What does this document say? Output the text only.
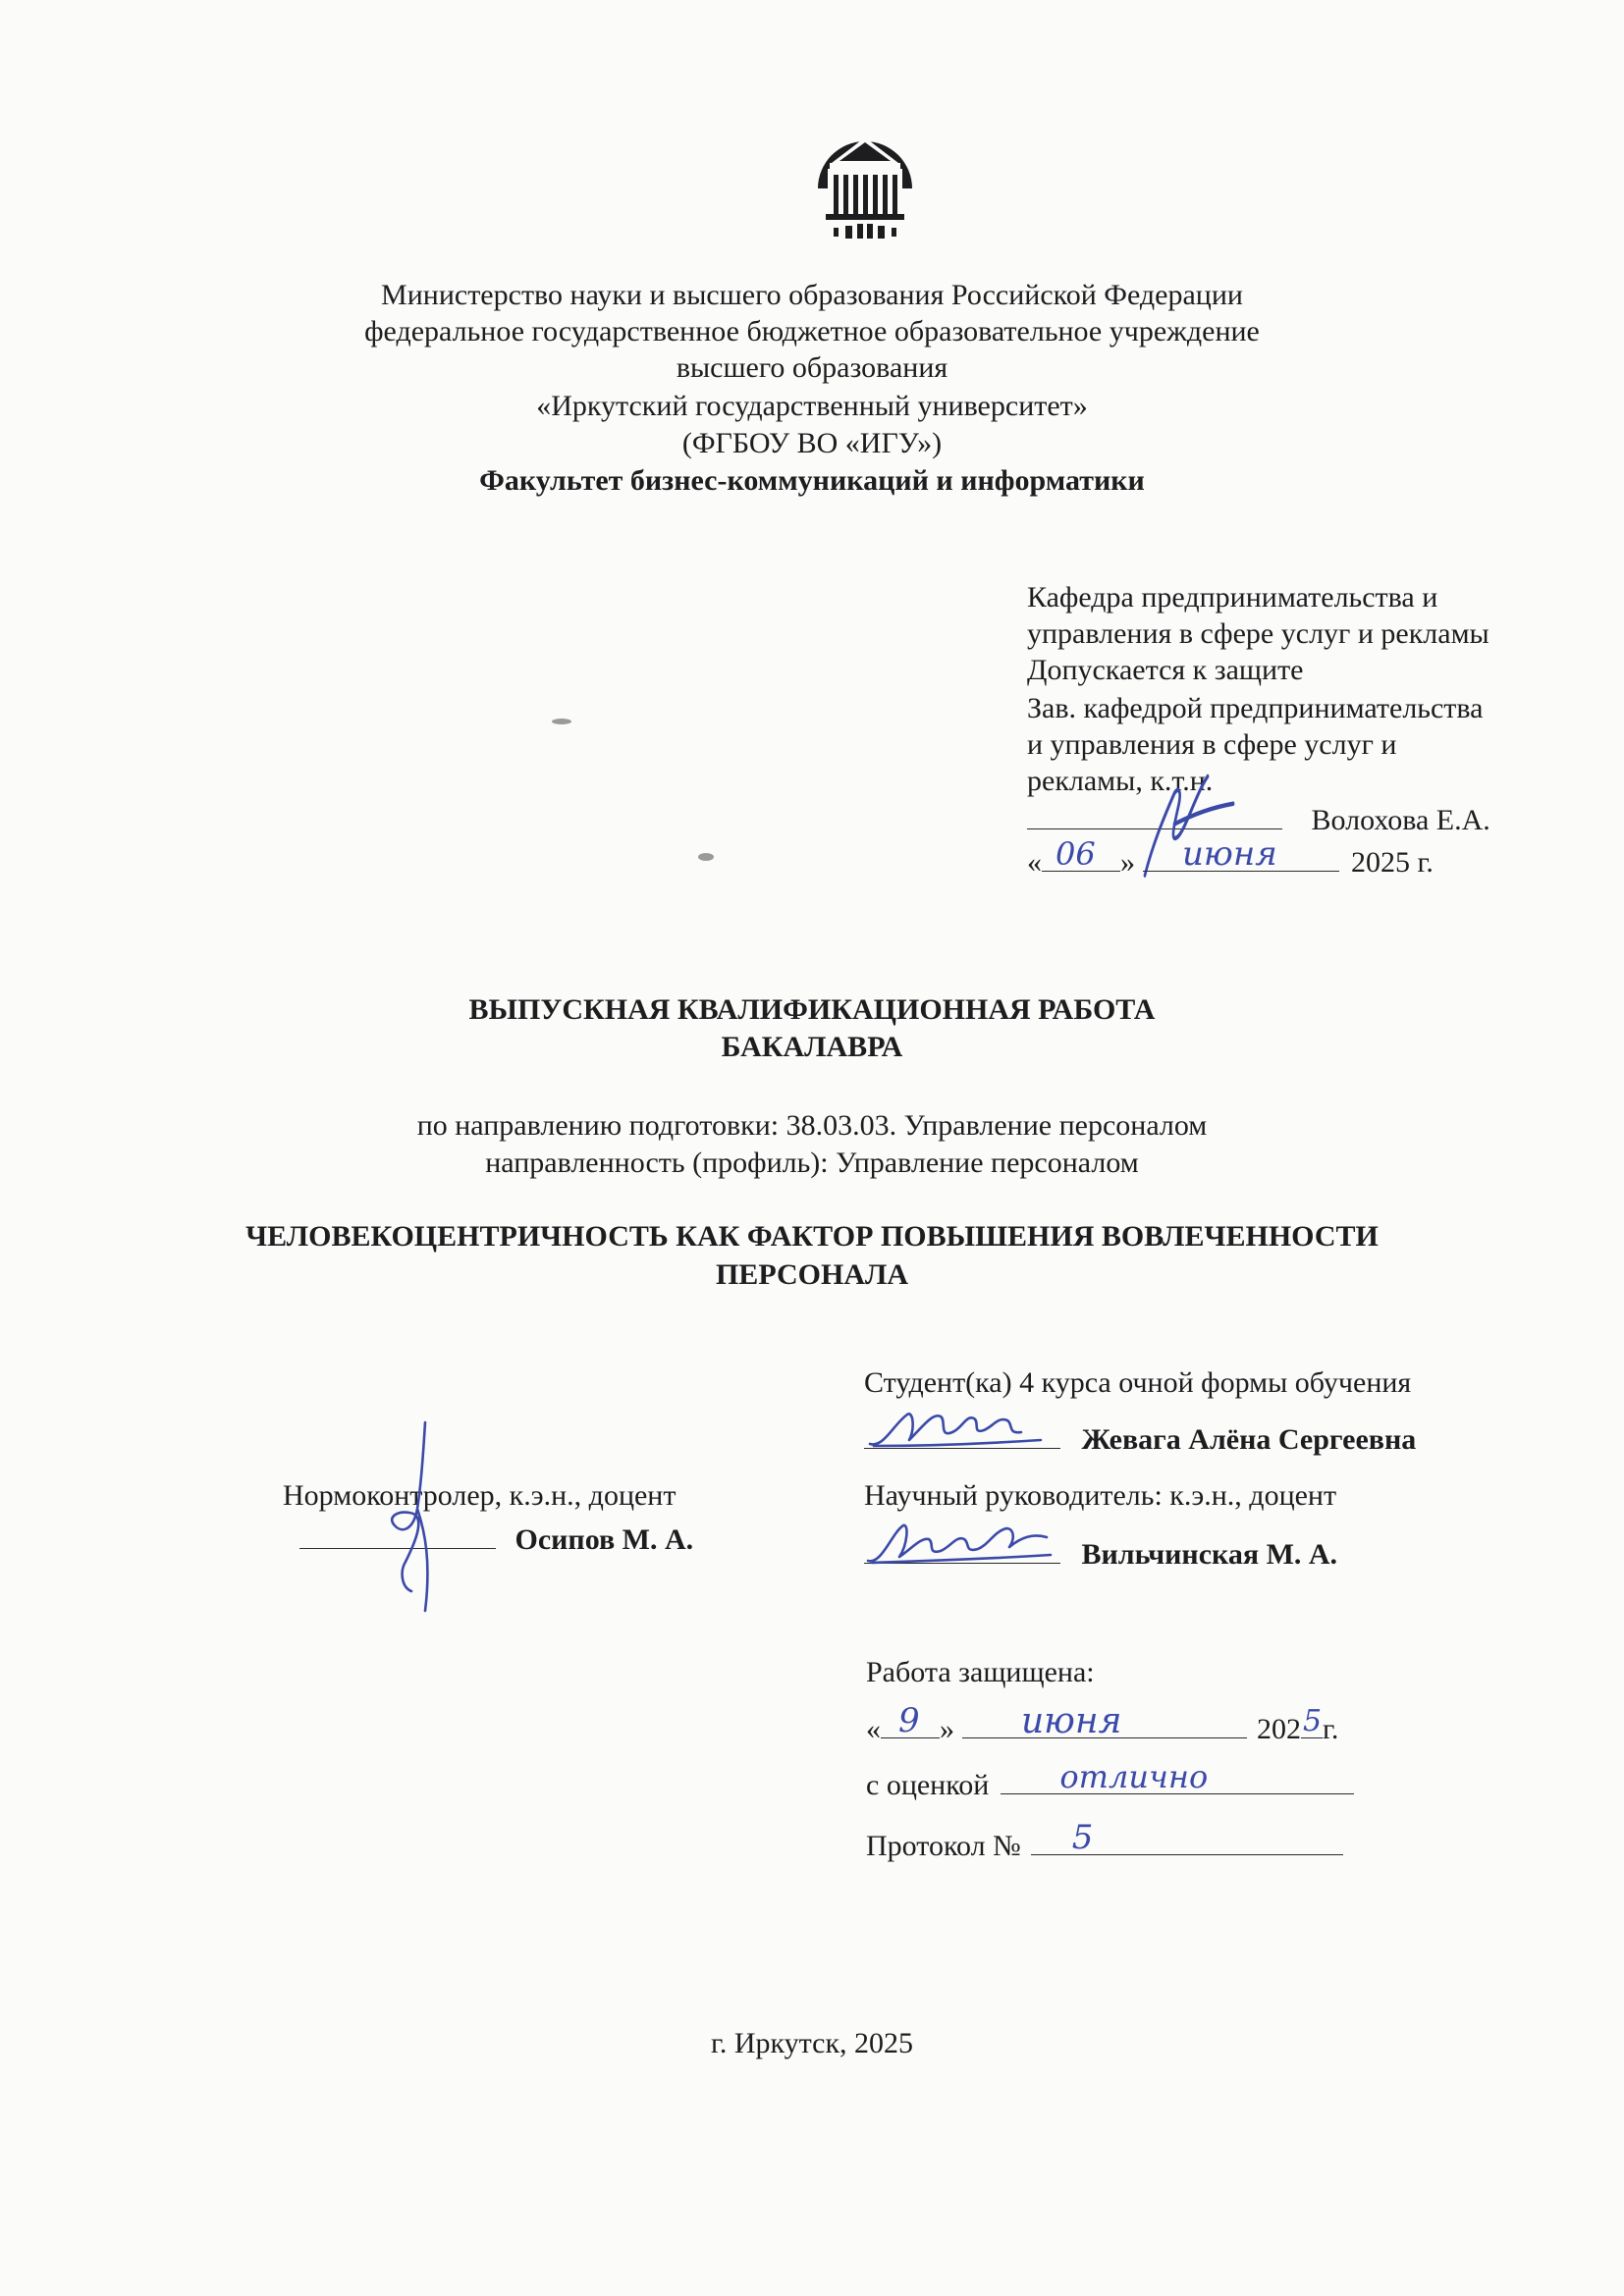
Министерство науки и высшего образования Российской Федерации
федеральное государственное бюджетное образовательное учреждение
высшего образования
«Иркутский государственный университет»
(ФГБОУ ВО «ИГУ»)
Факультет бизнес-коммуникаций и информатики
Кафедра предпринимательства и
управления в сфере услуг и рекламы
Допускается к защите
Зав. кафедрой предпринимательства
и управления в сфере услуг и
рекламы, к.т.н.
Волохова Е.А.
« 06 » июня	2025 г.
ВЫПУСКНАЯ КВАЛИФИКАЦИОННАЯ РАБОТА
БАКАЛАВРА
по направлению подготовки: 38.03.03. Управление персоналом
направленность (профиль): Управление персоналом
ЧЕЛОВЕКОЦЕНТРИЧНОСТЬ КАК ФАКТОР ПОВЫШЕНИЯ ВОВЛЕЧЕННОСТИ
ПЕРСОНАЛА
Студент(ка) 4 курса очной формы обучения
Жевага Алёна Сергеевна
Нормоконтролер, к.э.н., доцент
Осипов М. А.
Научный руководитель: к.э.н., доцент
Вильчинская М. А.
Работа защищена:
« 9 » июня	202 5 г.
с оценкой отлично
Протокол № 5
г. Иркутск, 2025
